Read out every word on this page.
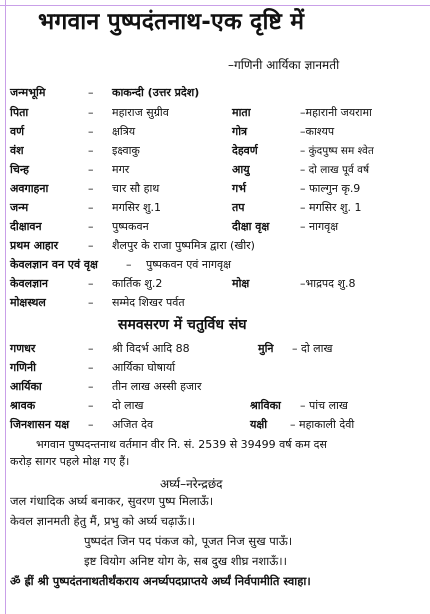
भगवान पुष्पदंतनाथ-एक दृष्टि में
–गणिनी आर्यिका ज्ञानमती
जन्मभूमि	– काकन्दी (उत्तर प्रदेश)
पिता	– महाराज सुग्रीव	माता	–महारानी जयरामा
वर्ण	– क्षत्रिय	गोत्र	–काश्यप
वंश	– इक्ष्वाकु	देहवर्ण	– कुंदपुष्प सम श्वेत
चिन्ह	– मगर	आयु	– दो लाख पूर्व वर्ष
अवगाहना	– चार सौ हाथ	गर्भ	– फाल्गुन कृ.9
जन्म	– मगसिर शु.1	तप	– मगसिर शु. 1
दीक्षावन	– पुष्पकवन	दीक्षा वृक्ष	– नागवृक्ष
प्रथम आहार	– शैलपुर के राजा पुष्पमित्र द्वारा (खीर)
केवलज्ञान वन एवं वृक्ष	– पुष्पकवन एवं नागवृक्ष
केवलज्ञान	– कार्तिक शु.2	मोक्ष	–भाद्रपद शु.8
मोक्षस्थल	– सम्मेद शिखर पर्वत
समवसरण में चतुर्विध संघ
गणधर	– श्री विदर्भ आदि 88	मुनि – दो लाख
गणिनी	– आर्यिका घोषार्या
आर्यिका	– तीन लाख अस्सी हजार
श्रावक	– दो लाख	श्राविका – पांच लाख
जिनशासन यक्ष – अजित देव	यक्षी – महाकाली देवी
भगवान पुष्पदन्तनाथ वर्तमान वीर नि. सं. 2539 से 39499 वर्ष कम दस
करोड़ सागर पहले मोक्ष गए हैं।
अर्घ्य–नरेन्द्रछंद
जल गंधादिक अर्घ्य बनाकर, सुवरण पुष्प मिलाऊँ।
केवल ज्ञानमती हेतु मैं, प्रभु को अर्घ्य चढ़ाऊँ।।
पुष्पदंत जिन पद पंकज को, पूजत निज सुख पाऊँ।
इष्ट वियोग अनिष्ट योग के, सब दुख शीघ्र नशाऊँ।।
ॐ ह्रीं श्री पुष्पदंतनाथतीर्थंकराय अनर्घ्यपदप्राप्तये अर्घ्यं निर्वपामीति स्वाहा।
